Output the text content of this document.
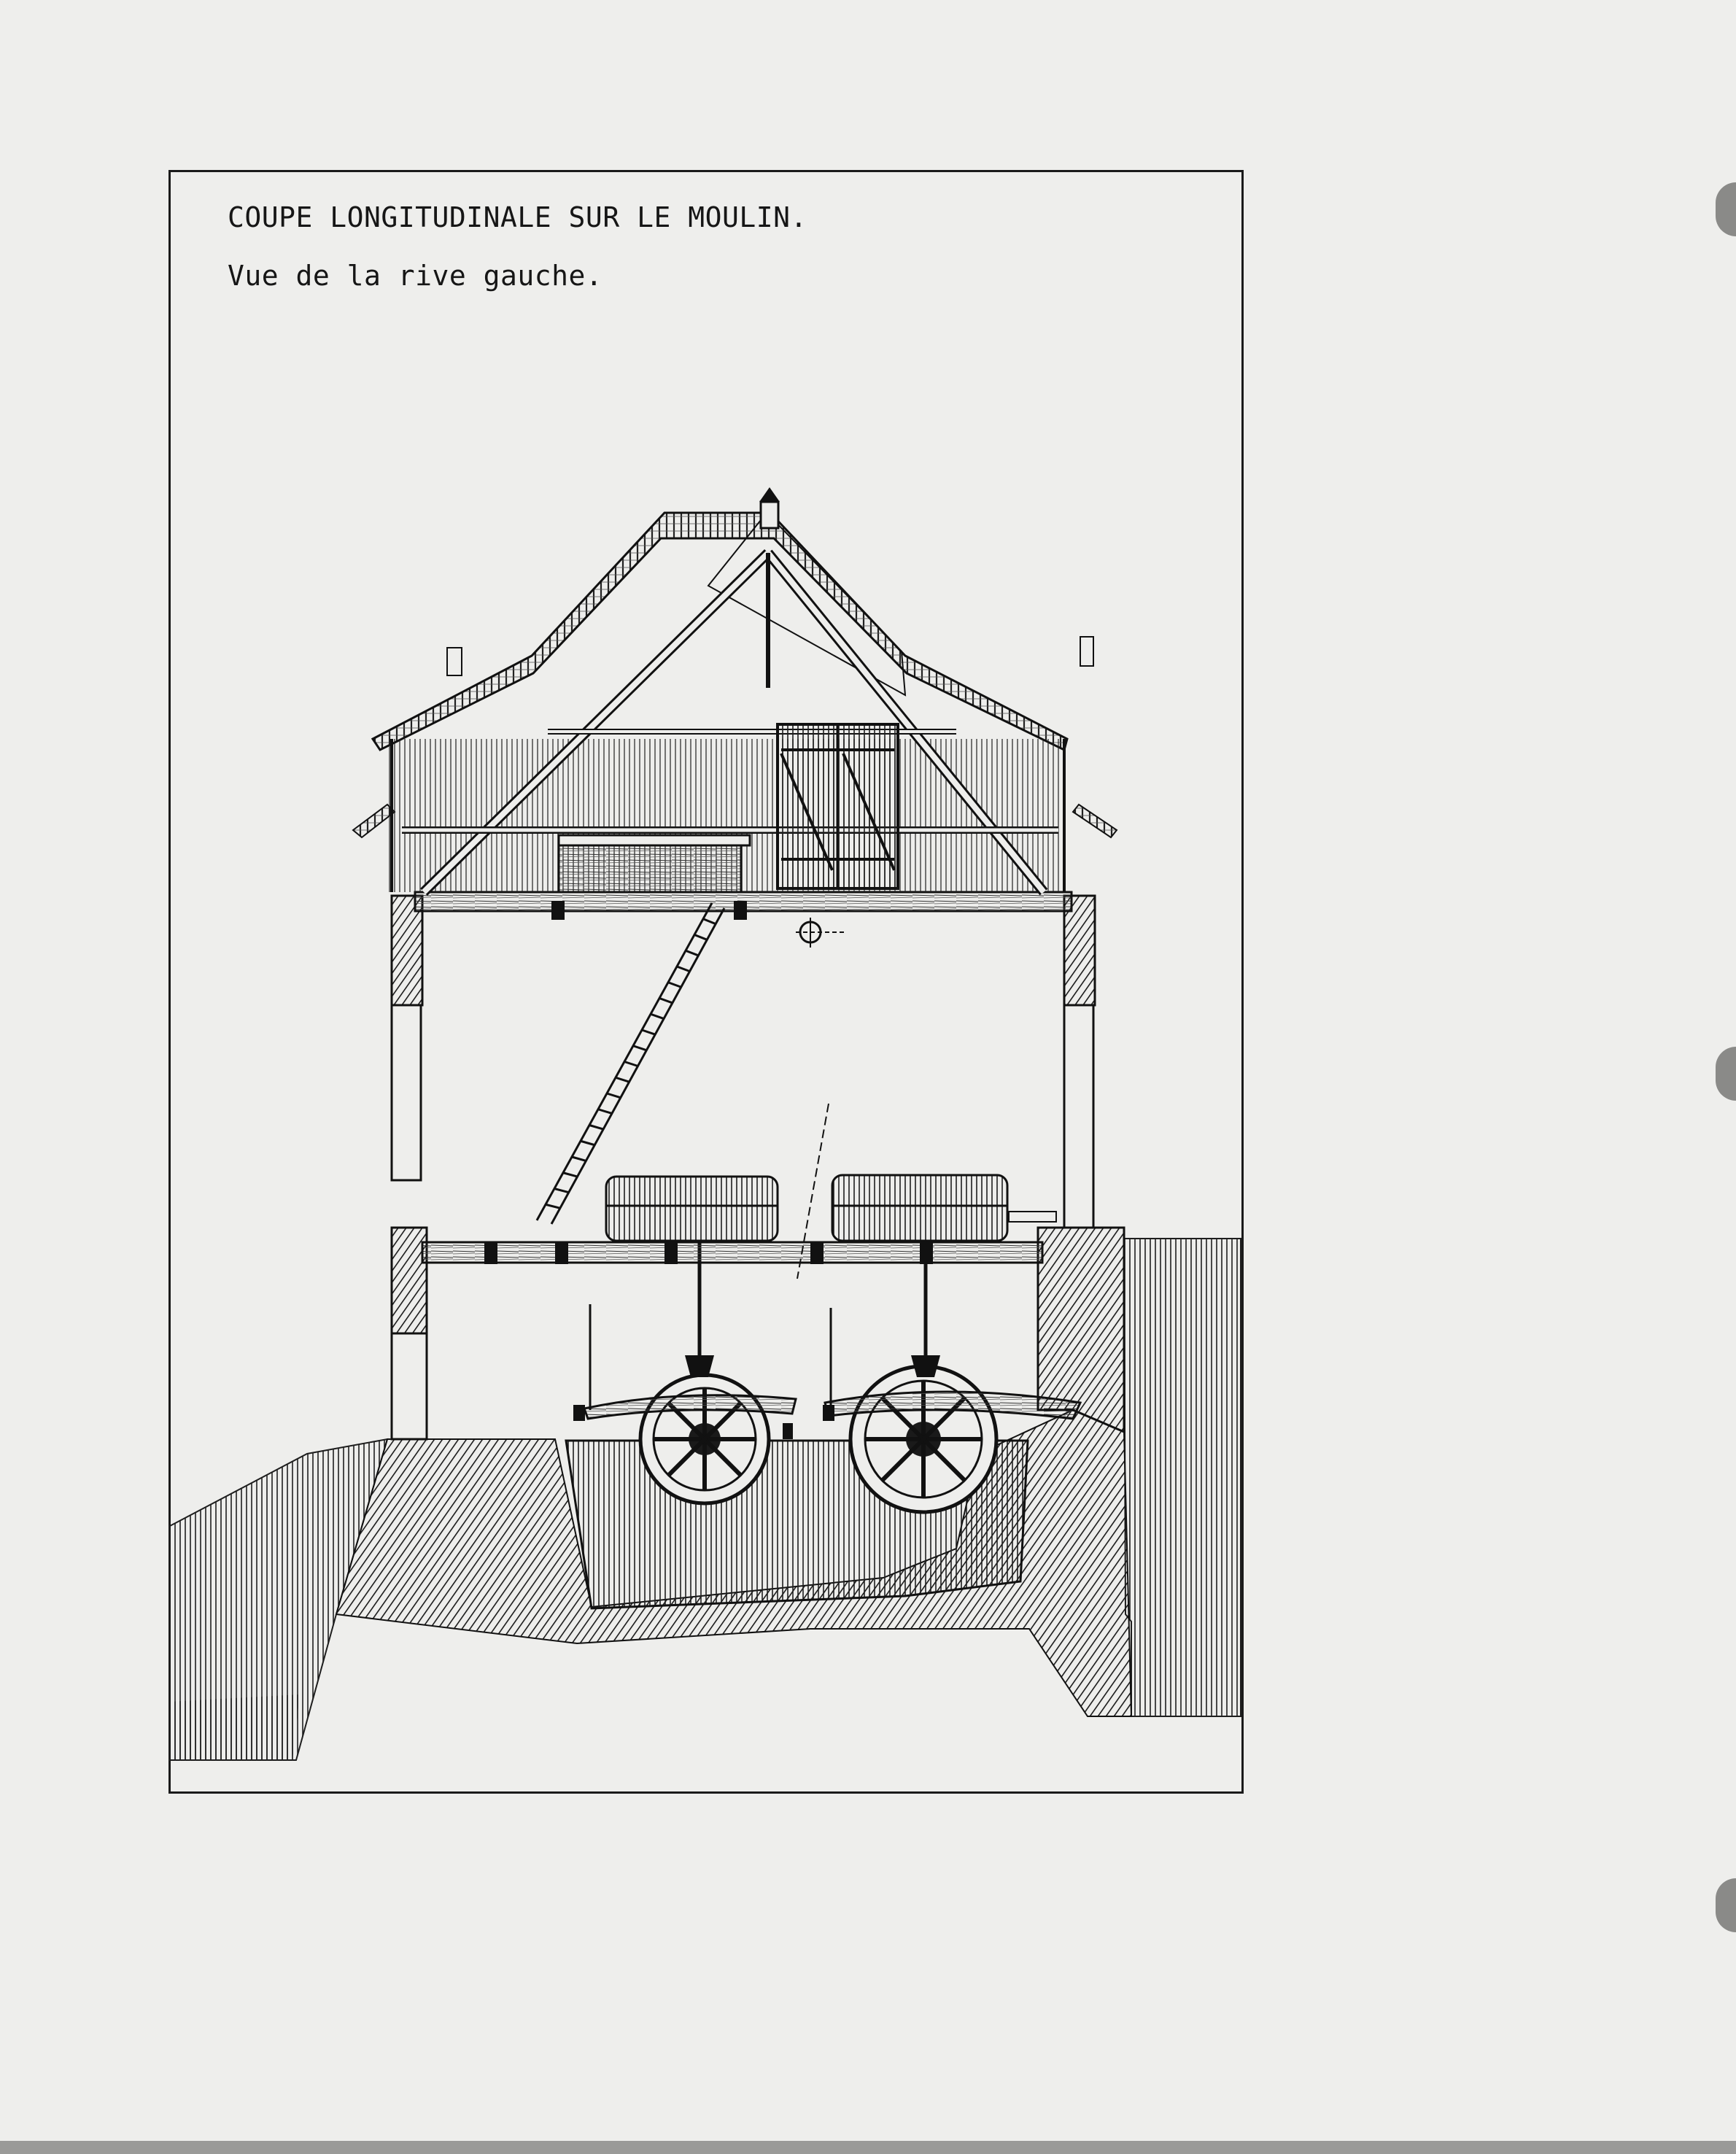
COUPE LONGITUDINALE SUR LE MOULIN.
Vue de la rive gauche.
